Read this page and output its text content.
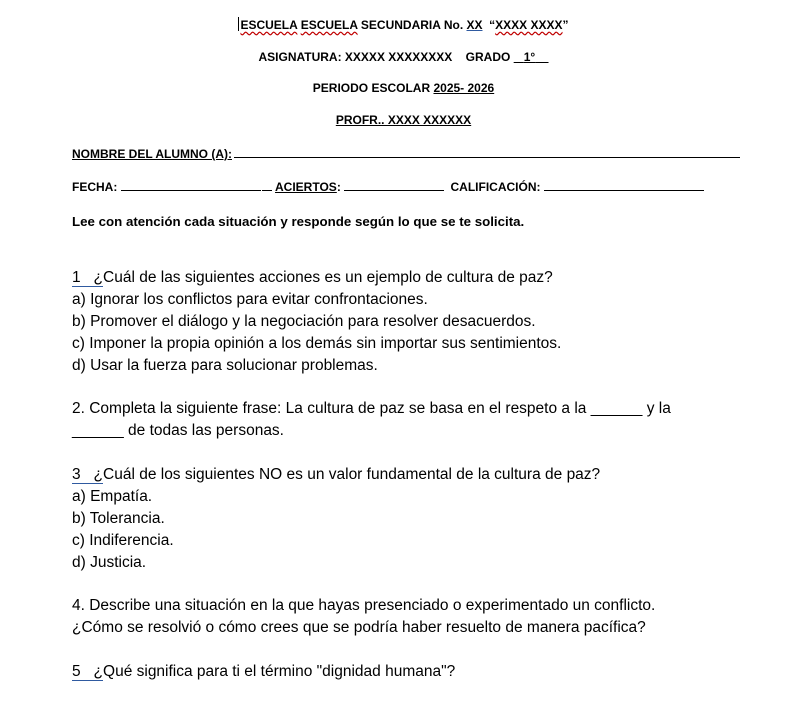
ESCUELA ESCUELA SECUNDARIA No. XX “XXXX XXXX”
ASIGNATURA: XXXXX XXXXXXXX GRADO 1°
PERIODO ESCOLAR 2025- 2026
PROFR.. XXXX XXXXXX
NOMBRE DEL ALUMNO (A):
FECHA:	ACIERTOS:	CALIFICACIÓN:
Lee con atención cada situación y responde según lo que se te solicita.
1 ¿Cuál de las siguientes acciones es un ejemplo de cultura de paz?
a) Ignorar los conflictos para evitar confrontaciones.
b) Promover el diálogo y la negociación para resolver desacuerdos.
c) Imponer la propia opinión a los demás sin importar sus sentimientos.
d) Usar la fuerza para solucionar problemas.
2. Completa la siguiente frase: La cultura de paz se basa en el respeto a la ______ y la
______ de todas las personas.
3 ¿Cuál de los siguientes NO es un valor fundamental de la cultura de paz?
a) Empatía.
b) Tolerancia.
c) Indiferencia.
d) Justicia.
4. Describe una situación en la que hayas presenciado o experimentado un conflicto.
¿Cómo se resolvió o cómo crees que se podría haber resuelto de manera pacífica?
5 ¿Qué significa para ti el término "dignidad humana"?
